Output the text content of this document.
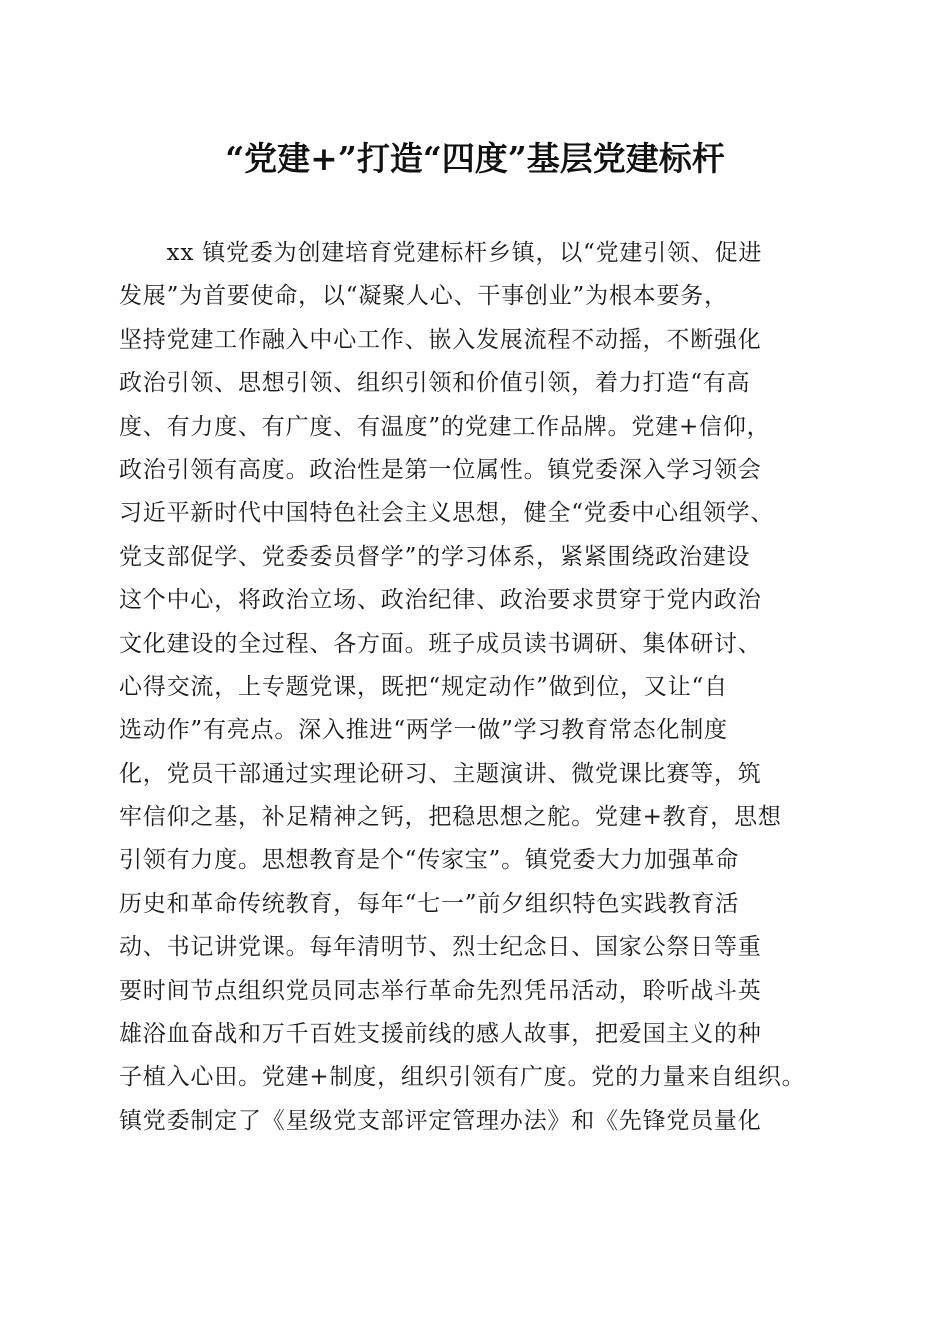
“党建+”打造“四度”基层党建标杆
　　xx 镇党委为创建培育党建标杆乡镇，以“党建引领、促进
发展”为首要使命，以“凝聚人心、干事创业”为根本要务，
坚持党建工作融入中心工作、嵌入发展流程不动摇，不断强化
政治引领、思想引领、组织引领和价值引领，着力打造“有高
度、有力度、有广度、有温度”的党建工作品牌。党建+信仰，
政治引领有高度。政治性是第一位属性。镇党委深入学习领会
习近平新时代中国特色社会主义思想，健全“党委中心组领学、
党支部促学、党委委员督学”的学习体系，紧紧围绕政治建设
这个中心，将政治立场、政治纪律、政治要求贯穿于党内政治
文化建设的全过程、各方面。班子成员读书调研、集体研讨、
心得交流，上专题党课，既把“规定动作”做到位，又让“自
选动作”有亮点。深入推进“两学一做”学习教育常态化制度
化，党员干部通过实理论研习、主题演讲、微党课比赛等，筑
牢信仰之基，补足精神之钙，把稳思想之舵。党建+教育，思想
引领有力度。思想教育是个“传家宝”。镇党委大力加强革命
历史和革命传统教育，每年“七一”前夕组织特色实践教育活
动、书记讲党课。每年清明节、烈士纪念日、国家公祭日等重
要时间节点组织党员同志举行革命先烈凭吊活动，聆听战斗英
雄浴血奋战和万千百姓支援前线的感人故事，把爱国主义的种
子植入心田。党建+制度，组织引领有广度。党的力量来自组织。
镇党委制定了《星级党支部评定管理办法》和《先锋党员量化
